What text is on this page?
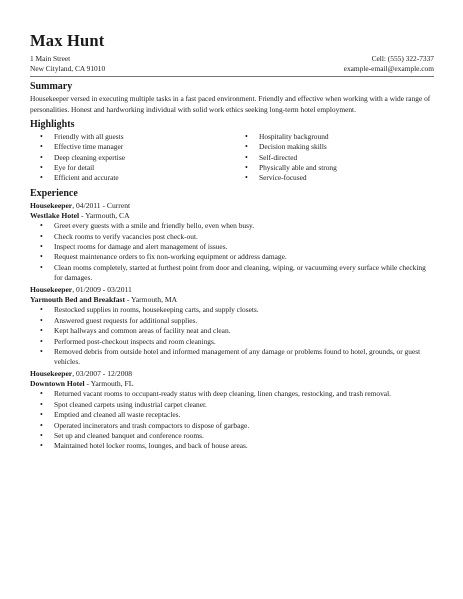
Max Hunt
1 Main Street	Cell: (555) 322-7337
New Cityland, CA 91010	example-email@example.com
Summary
Housekeeper versed in executing multiple tasks in a fast paced environment. Friendly and effective when working with a wide range of personalities. Honest and hardworking individual with solid work ethics seeking long-term hotel employment.
Highlights
• Friendly with all guests
• Effective time manager
• Deep cleaning expertise
• Eye for detail
• Efficient and accurate
• Hospitality background
• Decision making skills
• Self-directed
• Physically able and strong
• Service-focused
Experience
Housekeeper, 04/2011 - Current
Westlake Hotel - Yarmouth, CA
• Greet every guests with a smile and friendly hello, even when busy.
• Check rooms to verify vacancies post check-out.
• Inspect rooms for damage and alert management of issues.
• Request maintenance orders to fix non-working equipment or address damage.
• Clean rooms completely, started at furthest point from door and cleaning, wiping, or vacuuming every surface while checking for damages.
Housekeeper, 01/2009 - 03/2011
Yarmouth Bed and Breakfast - Yarmouth, MA
• Restocked supplies in rooms, housekeeping carts, and supply closets.
• Answered guest requests for additional supplies.
• Kept hallways and common areas of facility neat and clean.
• Performed post-checkout inspects and room cleanings.
• Removed debris from outside hotel and informed management of any damage or problems found to hotel, grounds, or guest vehicles.
Housekeeper, 03/2007 - 12/2008
Downtown Hotel - Yarmouth, FL
• Returned vacant rooms to occupant-ready status with deep cleaning, linen changes, restocking, and trash removal.
• Spot cleaned carpets using industrial carpet cleaner.
• Emptied and cleaned all waste receptacles.
• Operated incinerators and trash compactors to dispose of garbage.
• Set up and cleaned banquet and conference rooms.
• Maintained hotel locker rooms, lounges, and back of house areas.
